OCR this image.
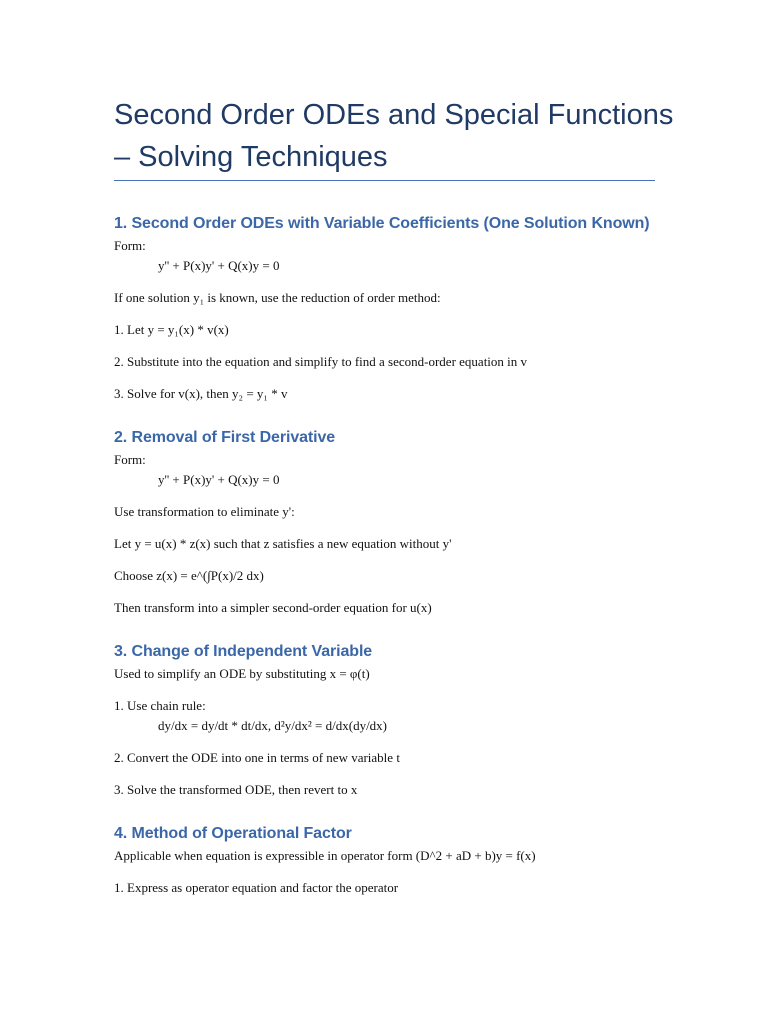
Second Order ODEs and Special Functions – Solving Techniques
1. Second Order ODEs with Variable Coefficients (One Solution Known)

Form:

y'' + P(x)y' + Q(x)y = 0

If one solution y₁ is known, use the reduction of order method:

1. Let y = y₁(x) * v(x)

2. Substitute into the equation and simplify to find a second-order equation in v

3. Solve for v(x), then y₂ = y₁ * v

2. Removal of First Derivative

Form:

y'' + P(x)y' + Q(x)y = 0

Use transformation to eliminate y':

Let y = u(x) * z(x) such that z satisfies a new equation without y'

Choose z(x) = e^(∫P(x)/2 dx)

Then transform into a simpler second-order equation for u(x)

3. Change of Independent Variable

Used to simplify an ODE by substituting x = φ(t)

1. Use chain rule:

dy/dx = dy/dt * dt/dx, d²y/dx² = d/dx(dy/dx)

2. Convert the ODE into one in terms of new variable t

3. Solve the transformed ODE, then revert to x

4. Method of Operational Factor

Applicable when equation is expressible in operator form (D^2 + aD + b)y = f(x)

1. Express as operator equation and factor the operator
